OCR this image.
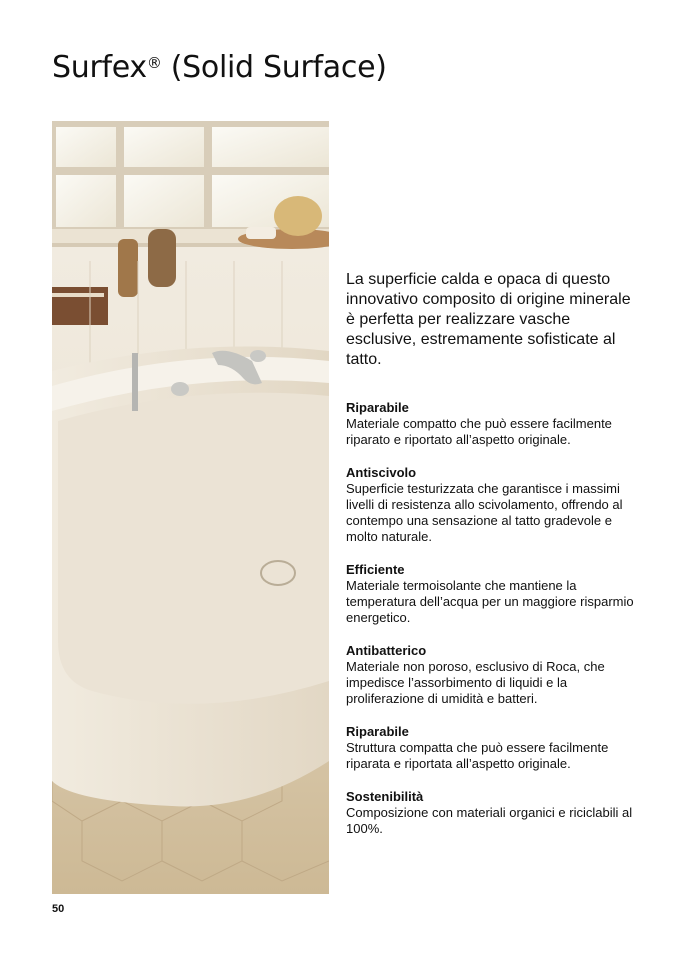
Surfex® (Solid Surface)

La superficie calda e opaca di questo innovativo composito di origine minerale è perfetta per realizzare vasche esclusive, estremamente sofisticate al tatto.

Riparabile

Materiale compatto che può essere facilmente riparato e riportato all’aspetto originale.

Antiscivolo

Superficie testurizzata che garantisce i massimi livelli di resistenza allo scivolamento, offrendo al contempo una sensazione al tatto gradevole e molto naturale.

Efficiente

Materiale termoisolante che mantiene la temperatura dell’acqua per un maggiore risparmio energetico.

Antibatterico

Materiale non poroso, esclusivo di Roca, che impedisce l’assorbimento di liquidi e la proliferazione di umidità e batteri.

Riparabile

Struttura compatta che può essere facilmente riparata e riportata all’aspetto originale.

Sostenibilità

Composizione con materiali organici e riciclabili al 100%.

50
